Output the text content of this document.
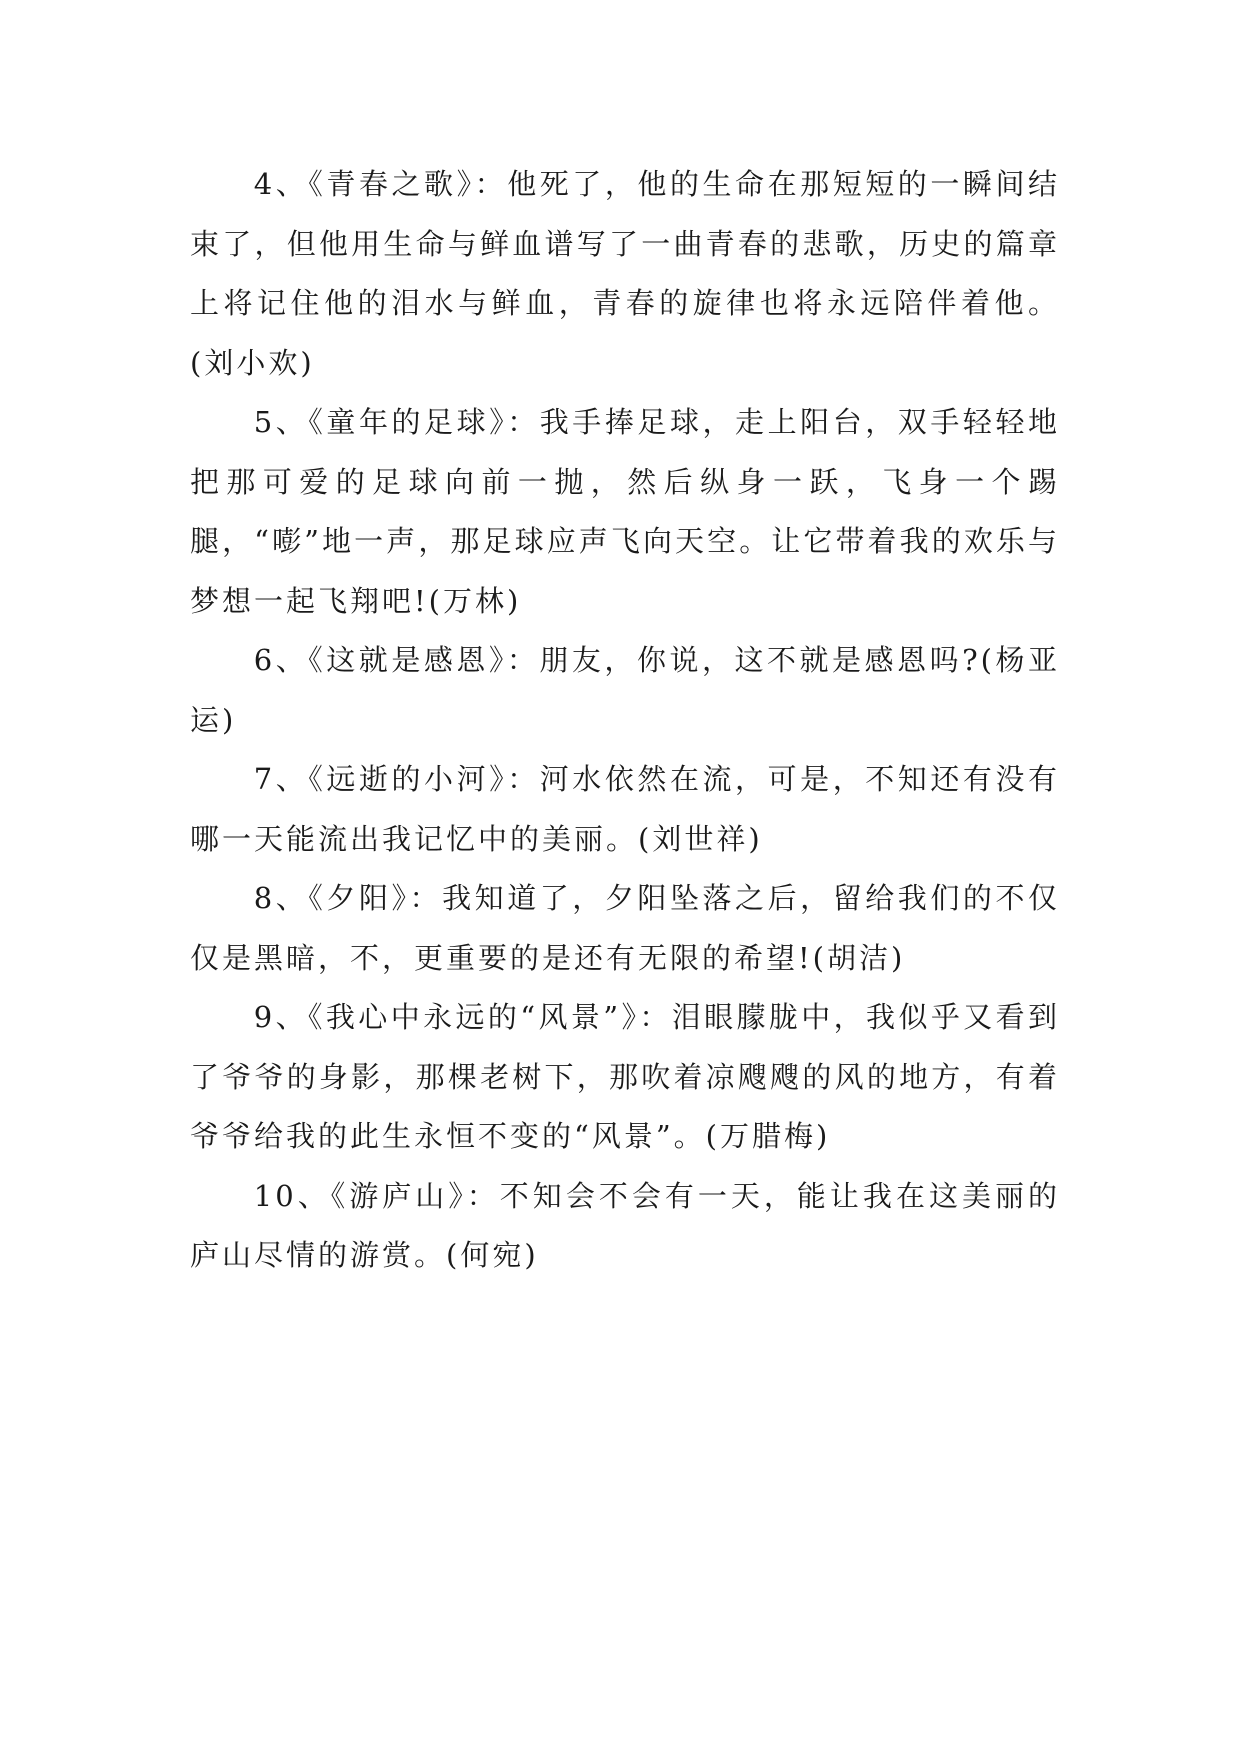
4、《青春之歌》：他死了，他的生命在那短短的一瞬间结束了，但他用生命与鲜血谱写了一曲青春的悲歌，历史的篇章上将记住他的泪水与鲜血，青春的旋律也将永远陪伴着他。(刘小欢)

5、《童年的足球》：我手捧足球，走上阳台，双手轻轻地把那可爱的足球向前一抛，然后纵身一跃，飞身一个踢腿，“嘭”地一声，那足球应声飞向天空。让它带着我的欢乐与梦想一起飞翔吧!(万林)

6、《这就是感恩》：朋友，你说，这不就是感恩吗?(杨亚运)

7、《远逝的小河》：河水依然在流，可是，不知还有没有哪一天能流出我记忆中的美丽。(刘世祥)

8、《夕阳》：我知道了，夕阳坠落之后，留给我们的不仅仅是黑暗，不，更重要的是还有无限的希望!(胡洁)

9、《我心中永远的“风景”》：泪眼朦胧中，我似乎又看到了爷爷的身影，那棵老树下，那吹着凉飕飕的风的地方，有着爷爷给我的此生永恒不变的“风景”。(万腊梅)

10、《游庐山》：不知会不会有一天，能让我在这美丽的庐山尽情的游赏。(何宛)
